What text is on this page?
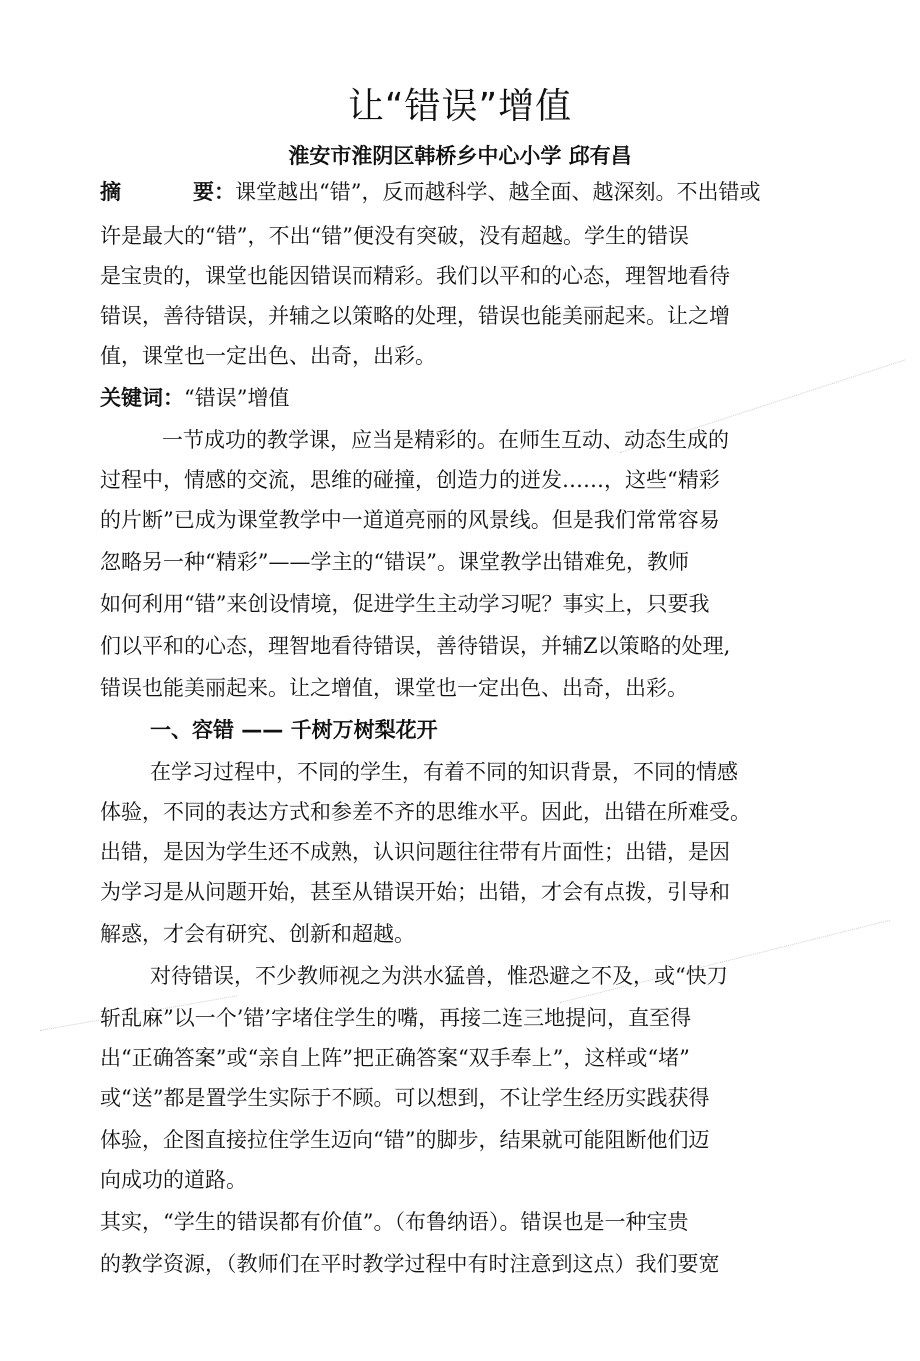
让“错误”增值
淮安市淮阴区韩桥乡中心小学 邱有昌
摘	要：课堂越出“错”，反而越科学、越全面、越深刻。不出错或
许是最大的“错”，不出“错”便没有突破，没有超越。学生的错误
是宝贵的，课堂也能因错误而精彩。我们以平和的心态，理智地看待
错误，善待错误，并辅之以策略的处理，错误也能美丽起来。让之增
值，课堂也一定出色、出奇，出彩。
关键词：“错误”增值
一节成功的教学课，应当是精彩的。在师生互动、动态生成的
过程中，情感的交流，思维的碰撞，创造力的迸发……，这些“精彩
的片断”已成为课堂教学中一道道亮丽的风景线。但是我们常常容易
忽略另一种“精彩”——学主的“错误”。课堂教学出错难免，教师
如何利用“错”来创设情境，促进学生主动学习呢？事实上，只要我
们以平和的心态，理智地看待错误，善待错误，并辅Z以策略的处理,
错误也能美丽起来。让之增值，课堂也一定出色、出奇，出彩。
一、容错 —— 千树万树梨花开
在学习过程中，不同的学生，有着不同的知识背景，不同的情感
体验，不同的表达方式和参差不齐的思维水平。因此，出错在所难受。
出错，是因为学生还不成熟，认识问题往往带有片面性；出错，是因
为学习是从问题开始，甚至从错误开始；出错，才会有点拨，引导和
解惑，才会有研究、创新和超越。
对待错误，不少教师视之为洪水猛兽，惟恐避之不及，或“快刀
斩乱麻”以一个’错’字堵住学生的嘴，再接二连三地提问，直至得
出“正确答案”或“亲自上阵”把正确答案“双手奉上”，这样或“堵”
或“送”都是置学生实际于不顾。可以想到，不让学生经历实践获得
体验，企图直接拉住学生迈向“错”的脚步，结果就可能阻断他们迈
向成功的道路。
其实，“学生的错误都有价值”。（布鲁纳语）。错误也是一种宝贵
的教学资源，（教师们在平时教学过程中有时注意到这点）我们要宽
